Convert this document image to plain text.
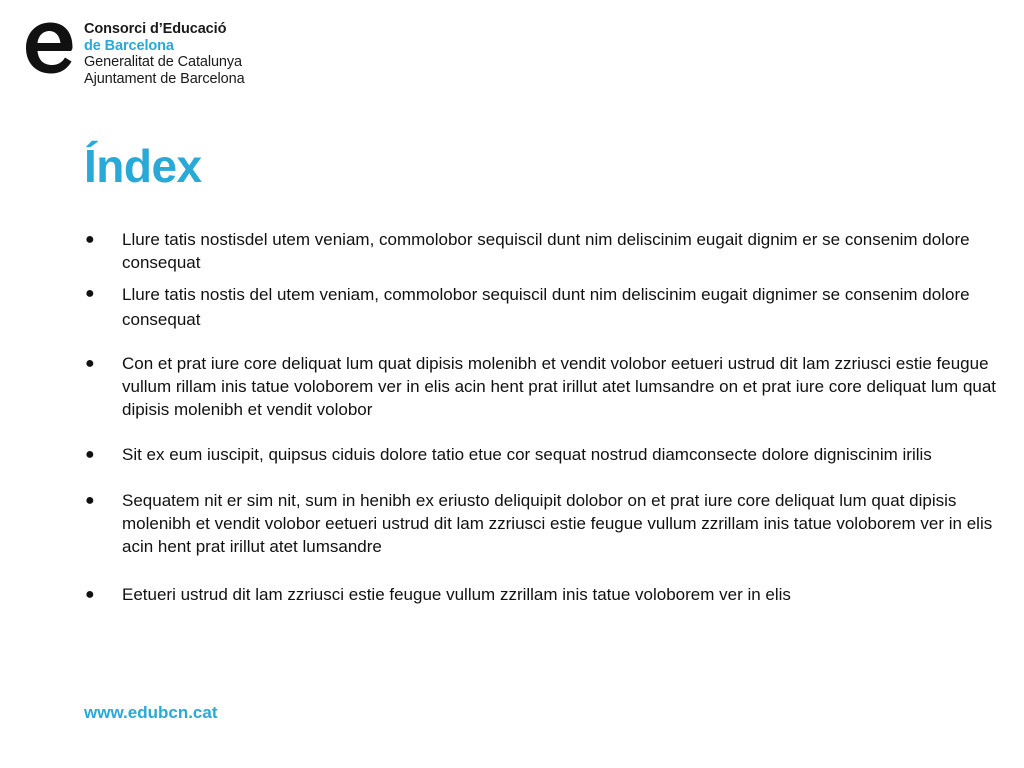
Consorci d’Educació
de Barcelona
Generalitat de Catalunya
Ajuntament de Barcelona
Índex
● Llure tatis nostisdel utem veniam, commolobor sequiscil dunt nim deliscinim eugait dignim er se consenim dolore consequat
● Llure tatis nostis del utem veniam, commolobor sequiscil dunt nim deliscinim eugait dignimer se consenim dolore consequat
● Con et prat iure core deliquat lum quat dipisis molenibh et vendit volobor eetueri ustrud dit lam zzriusci estie feugue vullum rillam inis tatue voloborem ver in elis acin hent prat irillut atet lumsandre on et prat iure core deliquat lum quat dipisis molenibh et vendit volobor
● Sit ex eum iuscipit, quipsus ciduis dolore tatio etue cor sequat nostrud diamconsecte dolore digniscinim irilis
● Sequatem nit er sim nit, sum in henibh ex eriusto deliquipit dolobor on et prat iure core deliquat lum quat dipisis molenibh et vendit volobor eetueri ustrud dit lam zzriusci estie feugue vullum zzrillam inis tatue voloborem ver in elis acin hent prat irillut atet lumsandre
● Eetueri ustrud dit lam zzriusci estie feugue vullum zzrillam inis tatue voloborem ver in elis
www.edubcn.cat
